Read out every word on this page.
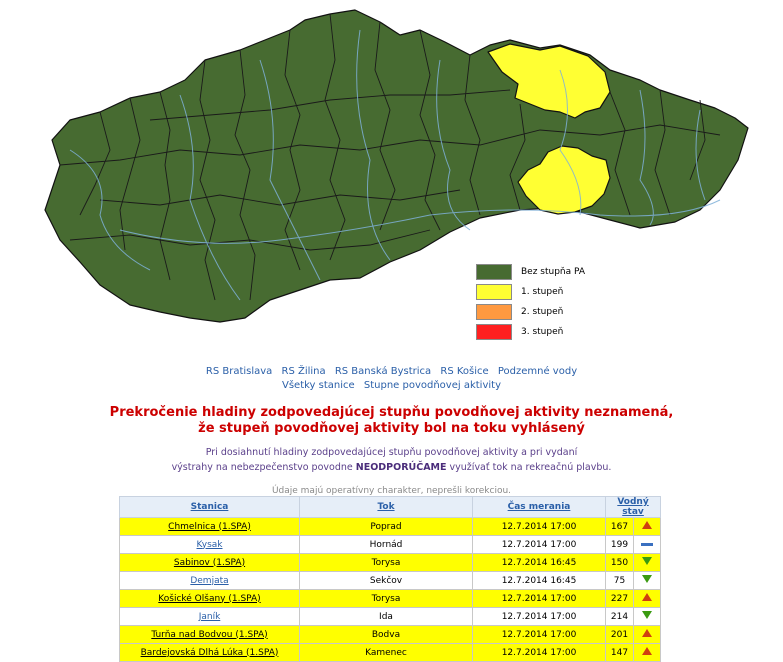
Bez stupňa PA
1. stupeň
2. stupeň
3. stupeň
RS Bratislava RS Žilina RS Banská Bystrica RS Košice Podzemné vody
Všetky stanice Stupne povodňovej aktivity
Prekročenie hladiny zodpovedajúcej stupňu povodňovej aktivity neznamená,
že stupeň povodňovej aktivity bol na toku vyhlásený
Pri dosiahnutí hladiny zodpovedajúcej stupňu povodňovej aktivity a pri vydaní
výstrahy na nebezpečenstvo povodne NEODPORÚČAME využívať tok na rekreačnú plavbu.
Údaje majú operatívny charakter, neprešli korekciou.
Stanica	Tok	Čas merania	Vodný stav	
Chmelnica (1.SPA)	Poprad	12.7.2014 17:00	167	
Kysak	Hornád	12.7.2014 17:00	199	
Sabinov (1.SPA)	Torysa	12.7.2014 16:45	150	
Demjata	Sekčov	12.7.2014 16:45	75	
Košické Olšany (1.SPA)	Torysa	12.7.2014 17:00	227	
Janík	Ida	12.7.2014 17:00	214	
Turňa nad Bodvou (1.SPA)	Bodva	12.7.2014 17:00	201	
Bardejovská Dlhá Lúka (1.SPA)	Kamenec	12.7.2014 17:00	147	
